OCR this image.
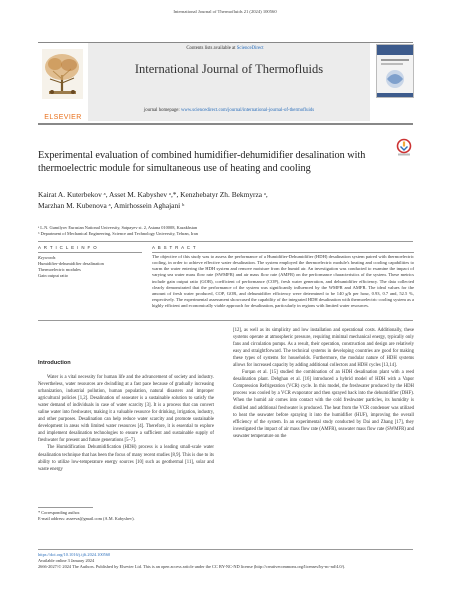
International Journal of Thermofluids 21 (2024) 100560
ELSEVIER
Contents lists available at ScienceDirect
International Journal of Thermofluids
journal homepage: www.sciencedirect.com/journal/international-journal-of-thermofluids
Experimental evaluation of combined humidifier-dehumidifier desalination with thermoelectric module for simultaneous use of heating and cooling
Kairat A. Kuterbekov ᵃ, Asset M. Kabyshev ᵃ,*, Kenzhebatyr Zh. Bekmyrza ᵃ,
Marzhan M. Kubenova ᵃ, Amirhossein Aghajani ᵇ
ᵃ L.N. Gumilyov Eurasian National University, Satpayev st. 2, Astana 010008, Kazakhstan
ᵇ Department of Mechanical Engineering, Science and Technology University, Tehran, Iran
A R T I C L E I N F O
Keywords
Humidifier-dehumidifier desalination
Thermoelectric modules
Gain output ratio
A B S T R A C T
The objective of this study was to assess the performance of a Humidifier-Dehumidifier (HDH) desalination system paired with thermoelectric cooling, in order to achieve effective water desalination. The system employed the thermoelectric module's heating and cooling capabilities to warm the water entering the HDH system and remove moisture from the humid air. An investigation was conducted to examine the impact of varying sea water mass flow rate (SWMFR) and air mass flow rate (AMFR) on the performance characteristics of the system. These metrics include gain output ratio (GOR), coefficient of performance (COP), fresh water generation, and dehumidifier efficiency. The data collected clearly demonstrated that the performance of the system was significantly influenced by the WMFR and AMFR. The ideal values for the amount of fresh water produced, COP, GOR, and dehumidifier efficiency were determined to be 140 g/h per hour, 0.93, 0.7 and, 52.5 %, respectively. The experimental assessment showcased the capability of the integrated HDH desalination with thermoelectric cooling system as a highly efficient and economically viable approach for desalination, particularly in regions with limited water resources.
Introduction

Water is a vital necessity for human life and the advancement of society and industry. Nevertheless, water resources are dwindling at a fast pace because of gradually increasing urbanization, industrial pollution, human population, natural disasters and improper agricultural policies [1,2]. Desalination of seawater is a sustainable solution to satisfy the water demand of individuals in case of water scarcity [3]. It is a process that can convert saline water into freshwater, making it a valuable resource for drinking, irrigation, industry, and other purposes. Desalination can help reduce water scarcity and promote sustainable development in areas with limited water resources [4]. Therefore, it is essential to explore and implement desalination technologies to ensure a sufficient and sustainable supply of freshwater for present and future generations [5–7].

The Humidification Dehumidification (HDH) process is a leading small-scale water desalination technique that has been the focus of many recent studies [8,9]. This is due to its ability to utilize low-temperature energy sources [10] such as geothermal [11], solar and waste energy

[12], as well as its simplicity and low installation and operational costs. Additionally, these systems operate at atmospheric pressure, requiring minimal mechanical energy, typically only fans and circulation pumps. As a result, their operation, construction and design are relatively easy and straightforward. The technical systems in developing countries are good for making these types of systems for households. Furthermore, the modular nature of HDH systems allows for increased capacity by adding additional collectors and HDH cycles [13,14].

Furqan et al. [15] studied the combination of an HDH desalination plant with a reed desalination plant. Dehghan et al. [16] introduced a hybrid model of HDH with a Vapor Compression Refrigeration (VCR) cycle. In this model, the freshwater produced by the HDH process was cooled by a VCR evaporator and then sprayed back into the dehumidifier (DHF). When the humid air comes into contact with the cold freshwater particles, its humidity is distilled and additional freshwater is produced. The heat from the VCR condenser was utilized to heat the seawater before spraying it into the humidifier (HUF), improving the overall efficiency of the system. In an experimental study conducted by Dai and Zhang [17], they investigated the impact of air mass flow rate (AMFR), seawater mass flow rate (SWMFR) and seawater temperature on the

* Corresponding author.
E-mail address: asseeva@gmail.com (A.M. Kabyshev).
https://doi.org/10.1016/j.ijft.2024.100560
Available online 3 January 2024
2666-2027/© 2024 The Authors. Published by Elsevier Ltd. This is an open access article under the CC BY-NC-ND license (http://creativecommons.org/licenses/by-nc-nd/4.0/).
